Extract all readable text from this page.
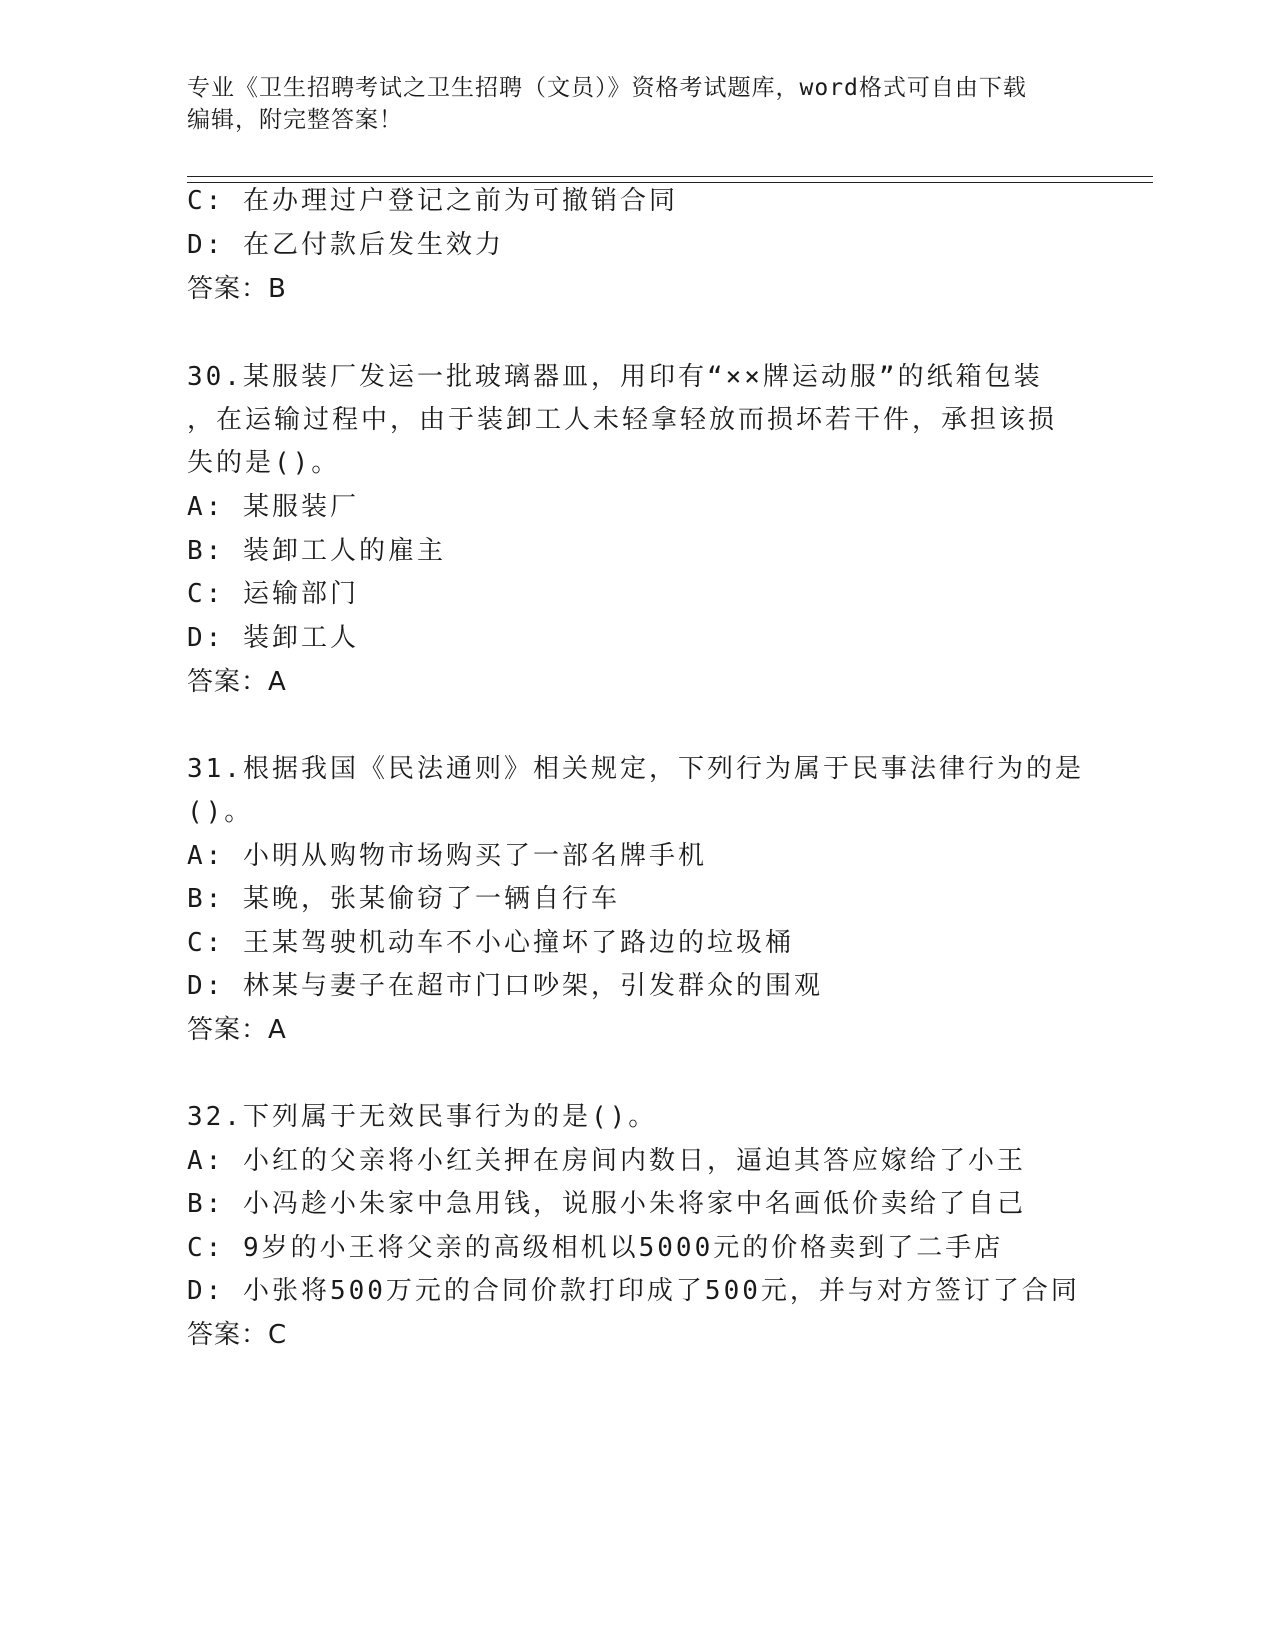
专业《卫生招聘考试之卫生招聘（文员）》资格考试题库，word格式可自由下载
编辑，附完整答案！
C: 在办理过户登记之前为可撤销合同
D: 在乙付款后发生效力
答案：B
30.某服装厂发运一批玻璃器皿，用印有“××牌运动服”的纸箱包装
，在运输过程中，由于装卸工人未轻拿轻放而损坏若干件，承担该损
失的是()。
A: 某服装厂
B: 装卸工人的雇主
C: 运输部门
D: 装卸工人
答案：A
31.根据我国《民法通则》相关规定，下列行为属于民事法律行为的是
()。
A: 小明从购物市场购买了一部名牌手机
B: 某晚，张某偷窃了一辆自行车
C: 王某驾驶机动车不小心撞坏了路边的垃圾桶
D: 林某与妻子在超市门口吵架，引发群众的围观
答案：A
32.下列属于无效民事行为的是()。
A: 小红的父亲将小红关押在房间内数日，逼迫其答应嫁给了小王
B: 小冯趁小朱家中急用钱，说服小朱将家中名画低价卖给了自己
C: 9岁的小王将父亲的高级相机以5000元的价格卖到了二手店
D: 小张将500万元的合同价款打印成了500元，并与对方签订了合同
答案：C
